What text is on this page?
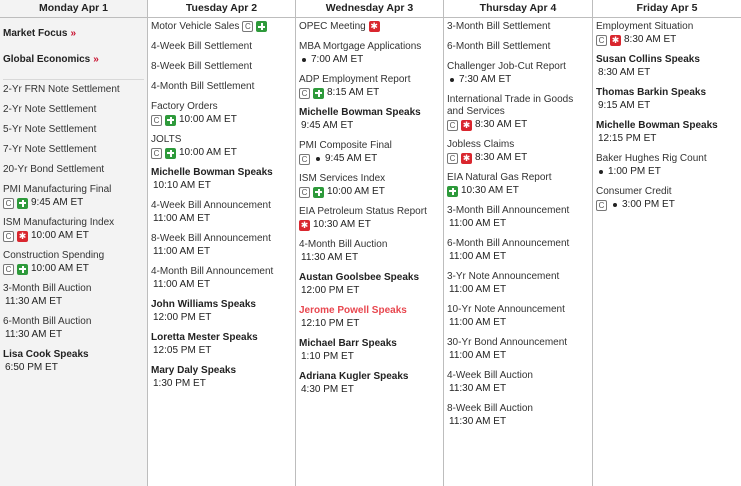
Monday Apr 1
Market Focus »
Global Economics »
2-Yr FRN Note Settlement
2-Yr Note Settlement
5-Yr Note Settlement
7-Yr Note Settlement
20-Yr Bond Settlement
PMI Manufacturing Final
C 9:45 AM ET
ISM Manufacturing Index
C ✱ 10:00 AM ET
Construction Spending
C 10:00 AM ET
3-Month Bill Auction
11:30 AM ET
6-Month Bill Auction
11:30 AM ET
Lisa Cook Speaks
6:50 PM ET
Tuesday Apr 2
Motor Vehicle Sales C
4-Week Bill Settlement
8-Week Bill Settlement
4-Month Bill Settlement
Factory Orders
C 10:00 AM ET
JOLTS
C 10:00 AM ET
Michelle Bowman Speaks
10:10 AM ET
4-Week Bill Announcement
11:00 AM ET
8-Week Bill Announcement
11:00 AM ET
4-Month Bill Announcement
11:00 AM ET
John Williams Speaks
12:00 PM ET
Loretta Mester Speaks
12:05 PM ET
Mary Daly Speaks
1:30 PM ET
Wednesday Apr 3
OPEC Meeting ✱
MBA Mortgage Applications
7:00 AM ET
ADP Employment Report
C 8:15 AM ET
Michelle Bowman Speaks
9:45 AM ET
PMI Composite Final
C 9:45 AM ET
ISM Services Index
C 10:00 AM ET
EIA Petroleum Status Report
✱ 10:30 AM ET
4-Month Bill Auction
11:30 AM ET
Austan Goolsbee Speaks
12:00 PM ET
Jerome Powell Speaks
12:10 PM ET
Michael Barr Speaks
1:10 PM ET
Adriana Kugler Speaks
4:30 PM ET
Thursday Apr 4
3-Month Bill Settlement
6-Month Bill Settlement
Challenger Job-Cut Report
7:30 AM ET
International Trade in Goods and Services
C ✱ 8:30 AM ET
Jobless Claims
C ✱ 8:30 AM ET
EIA Natural Gas Report
10:30 AM ET
3-Month Bill Announcement
11:00 AM ET
6-Month Bill Announcement
11:00 AM ET
3-Yr Note Announcement
11:00 AM ET
10-Yr Note Announcement
11:00 AM ET
30-Yr Bond Announcement
11:00 AM ET
4-Week Bill Auction
11:30 AM ET
8-Week Bill Auction
11:30 AM ET
Friday Apr 5
Employment Situation
C ✱ 8:30 AM ET
Susan Collins Speaks
8:30 AM ET
Thomas Barkin Speaks
9:15 AM ET
Michelle Bowman Speaks
12:15 PM ET
Baker Hughes Rig Count
1:00 PM ET
Consumer Credit
C 3:00 PM ET
